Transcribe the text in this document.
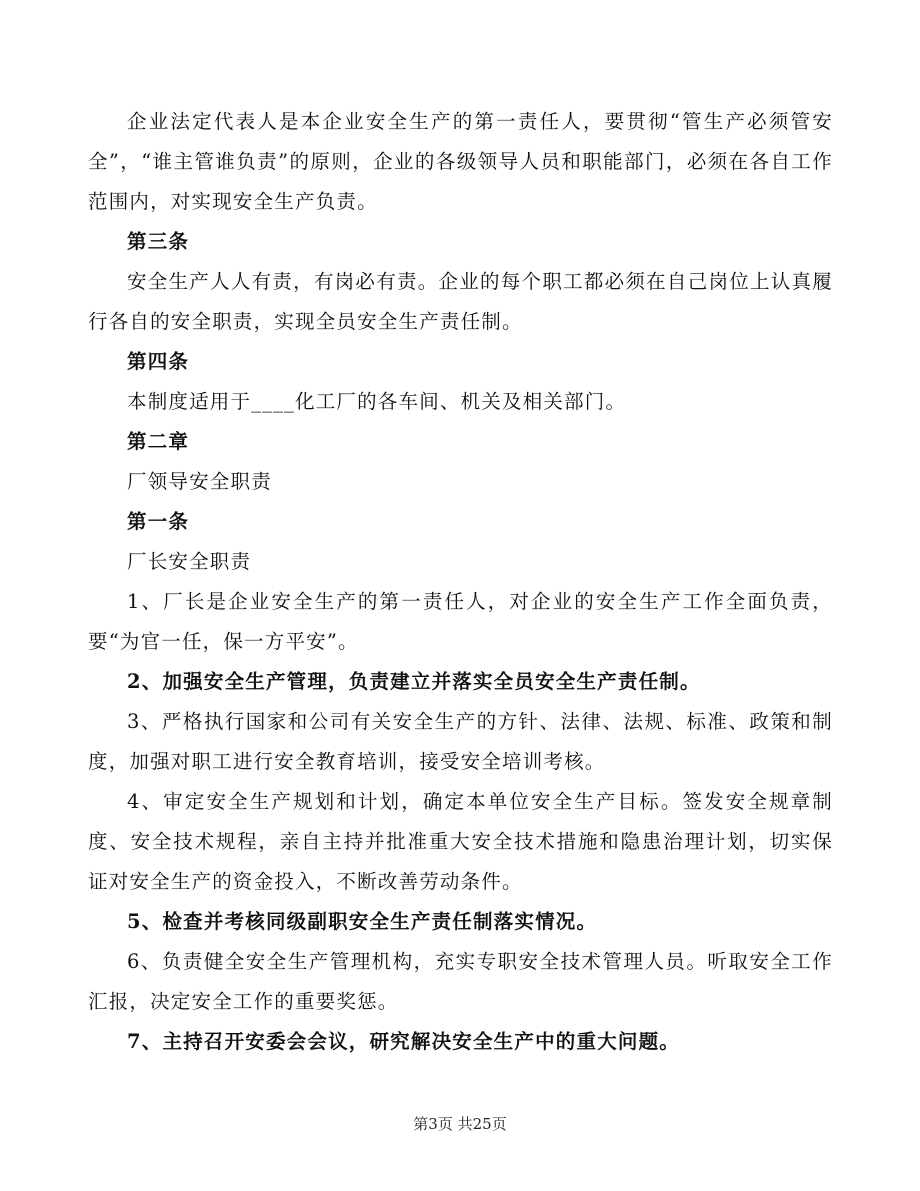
企业法定代表人是本企业安全生产的第一责任人，要贯彻“管生产必须管安全”，“谁主管谁负责”的原则，企业的各级领导人员和职能部门，必须在各自工作范围内，对实现安全生产负责。

第三条

安全生产人人有责，有岗必有责。企业的每个职工都必须在自己岗位上认真履行各自的安全职责，实现全员安全生产责任制。

第四条

本制度适用于____化工厂的各车间、机关及相关部门。

第二章

厂领导安全职责

第一条

厂长安全职责

1、厂长是企业安全生产的第一责任人，对企业的安全生产工作全面负责，要“为官一任，保一方平安”。

2、加强安全生产管理，负责建立并落实全员安全生产责任制。

3、严格执行国家和公司有关安全生产的方针、法律、法规、标准、政策和制度，加强对职工进行安全教育培训，接受安全培训考核。

4、审定安全生产规划和计划，确定本单位安全生产目标。签发安全规章制度、安全技术规程，亲自主持并批准重大安全技术措施和隐患治理计划，切实保证对安全生产的资金投入，不断改善劳动条件。

5、检查并考核同级副职安全生产责任制落实情况。

6、负责健全安全生产管理机构，充实专职安全技术管理人员。听取安全工作汇报，决定安全工作的重要奖惩。

7、主持召开安委会会议，研究解决安全生产中的重大问题。

第3页 共25页
